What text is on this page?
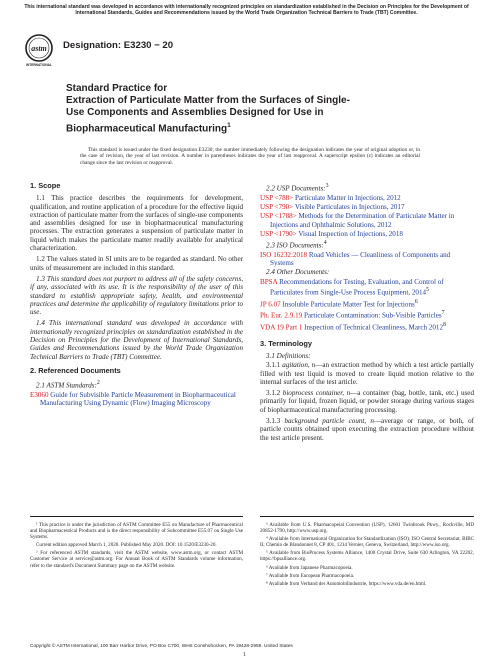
This international standard was developed in accordance with internationally recognized principles on standardization established in the Decision on Principles for the Development of International Standards, Guides and Recommendations issued by the World Trade Organization Technical Barriers to Trade (TBT) Committee.
astm
INTERNATIONAL
Designation: E3230 − 20
Standard Practice for
Extraction of Particulate Matter from the Surfaces of Single-
Use Components and Assemblies Designed for Use in
Biopharmaceutical Manufacturing$^1$
This standard is issued under the fixed designation E3230; the number immediately following the designation indicates the year of original adoption or, in the case of revision, the year of last revision. A number in parentheses indicates the year of last reapproval. A superscript epsilon (ε) indicates an editorial change since the last revision or reapproval.
1. Scope

1.1 This practice describes the requirements for development, qualification, and routine application of a procedure for the effective liquid extraction of particulate matter from the surfaces of single-use components and assemblies designed for use in biopharmaceutical manufacturing processes. The extraction generates a suspension of particulate matter in liquid which makes the particulate matter readily available for analytical characterization.

1.2 The values stated in SI units are to be regarded as standard. No other units of measurement are included in this standard.

1.3 This standard does not purport to address all of the safety concerns, if any, associated with its use. It is the responsibility of the user of this standard to establish appropriate safety, health, and environmental practices and determine the applicability of regulatory limitations prior to use.

1.4 This international standard was developed in accordance with internationally recognized principles on standardization established in the Decision on Principles for the Development of International Standards, Guides and Recommendations issued by the World Trade Organization Technical Barriers to Trade (TBT) Committee.

2. Referenced Documents
2.1 ASTM Standards:$^2$
E3060 Guide for Subvisible Particle Measurement in Biopharmaceutical Manufacturing Using Dynamic (Flow) Imaging Microscopy
2.2 USP Documents:$^3$
USP <788> Particulate Matter in Injections, 2012
USP <790> Visible Particulates in Injections, 2017
USP <1788> Methods for the Determination of Particulate Matter in Injections and Ophthalmic Solutions, 2012
USP <1790> Visual Inspection of Injections, 2018
2.3 ISO Documents:$^4$
ISO 16232:2018 Road Vehicles — Cleanliness of Components and Systems
2.4 Other Documents:
BPSA Recommendations for Testing, Evaluation, and Control of Particulates from Single-Use Process Equipment, 2014$^5$
JP 6.07 Insoluble Particulate Matter Test for Injections$^6$
Ph. Eur. 2.9.19 Particulate Contamination: Sub-Visible Particles$^7$
VDA 19 Part 1 Inspection of Technical Cleanliness, March 2012$^8$
3. Terminology
3.1 Definitions:

3.1.1 agitation, n—an extraction method by which a test article partially filled with test liquid is moved to create liquid motion relative to the internal surfaces of the test article.

3.1.2 bioprocess container, n—a container (bag, bottle, tank, etc.) used primarily for liquid, frozen liquid, or powder storage during various stages of biopharmaceutical manufacturing processing.

3.1.3 background particle count, n—average or range, or both, of particle counts obtained upon executing the extraction procedure without the test article present.

¹ This practice is under the jurisdiction of ASTM Committee E55 on Manufacture of Pharmaceutical and Biopharmaceutical Products and is the direct responsibility of Subcommittee E55.07 on Single Use Systems.

Current edition approved March 1, 2020. Published May 2020. DOI: 10.1520/E3230-20.

² For referenced ASTM standards, visit the ASTM website, www.astm.org, or contact ASTM Customer Service at service@astm.org. For Annual Book of ASTM Standards volume information, refer to the standard's Document Summary page on the ASTM website.

³ Available from U.S. Pharmacopeial Convention (USP), 12601 Twinbrook Pkwy., Rockville, MD 20852-1790, http://www.usp.org.

⁴ Available from International Organization for Standardization (ISO), ISO Central Secretariat, BIBC II, Chemin de Blandonnet 8, CP 401, 1214 Vernier, Geneva, Switzerland, http://www.iso.org.

⁵ Available from BioProcess Systems Alliance, 1400 Crystal Drive, Suite 630 Arlington, VA 22202, https://bpsalliance.org.

⁶ Available from Japanese Pharmacopoeia.

⁷ Available from European Pharmacopoeia.

⁸ Available from Verband der Automobilindustrie, https://www.vda.de/en.html.

Copyright © ASTM International, 100 Barr Harbor Drive, PO Box C700, West Conshohocken, PA 19428-2959. United States
1
